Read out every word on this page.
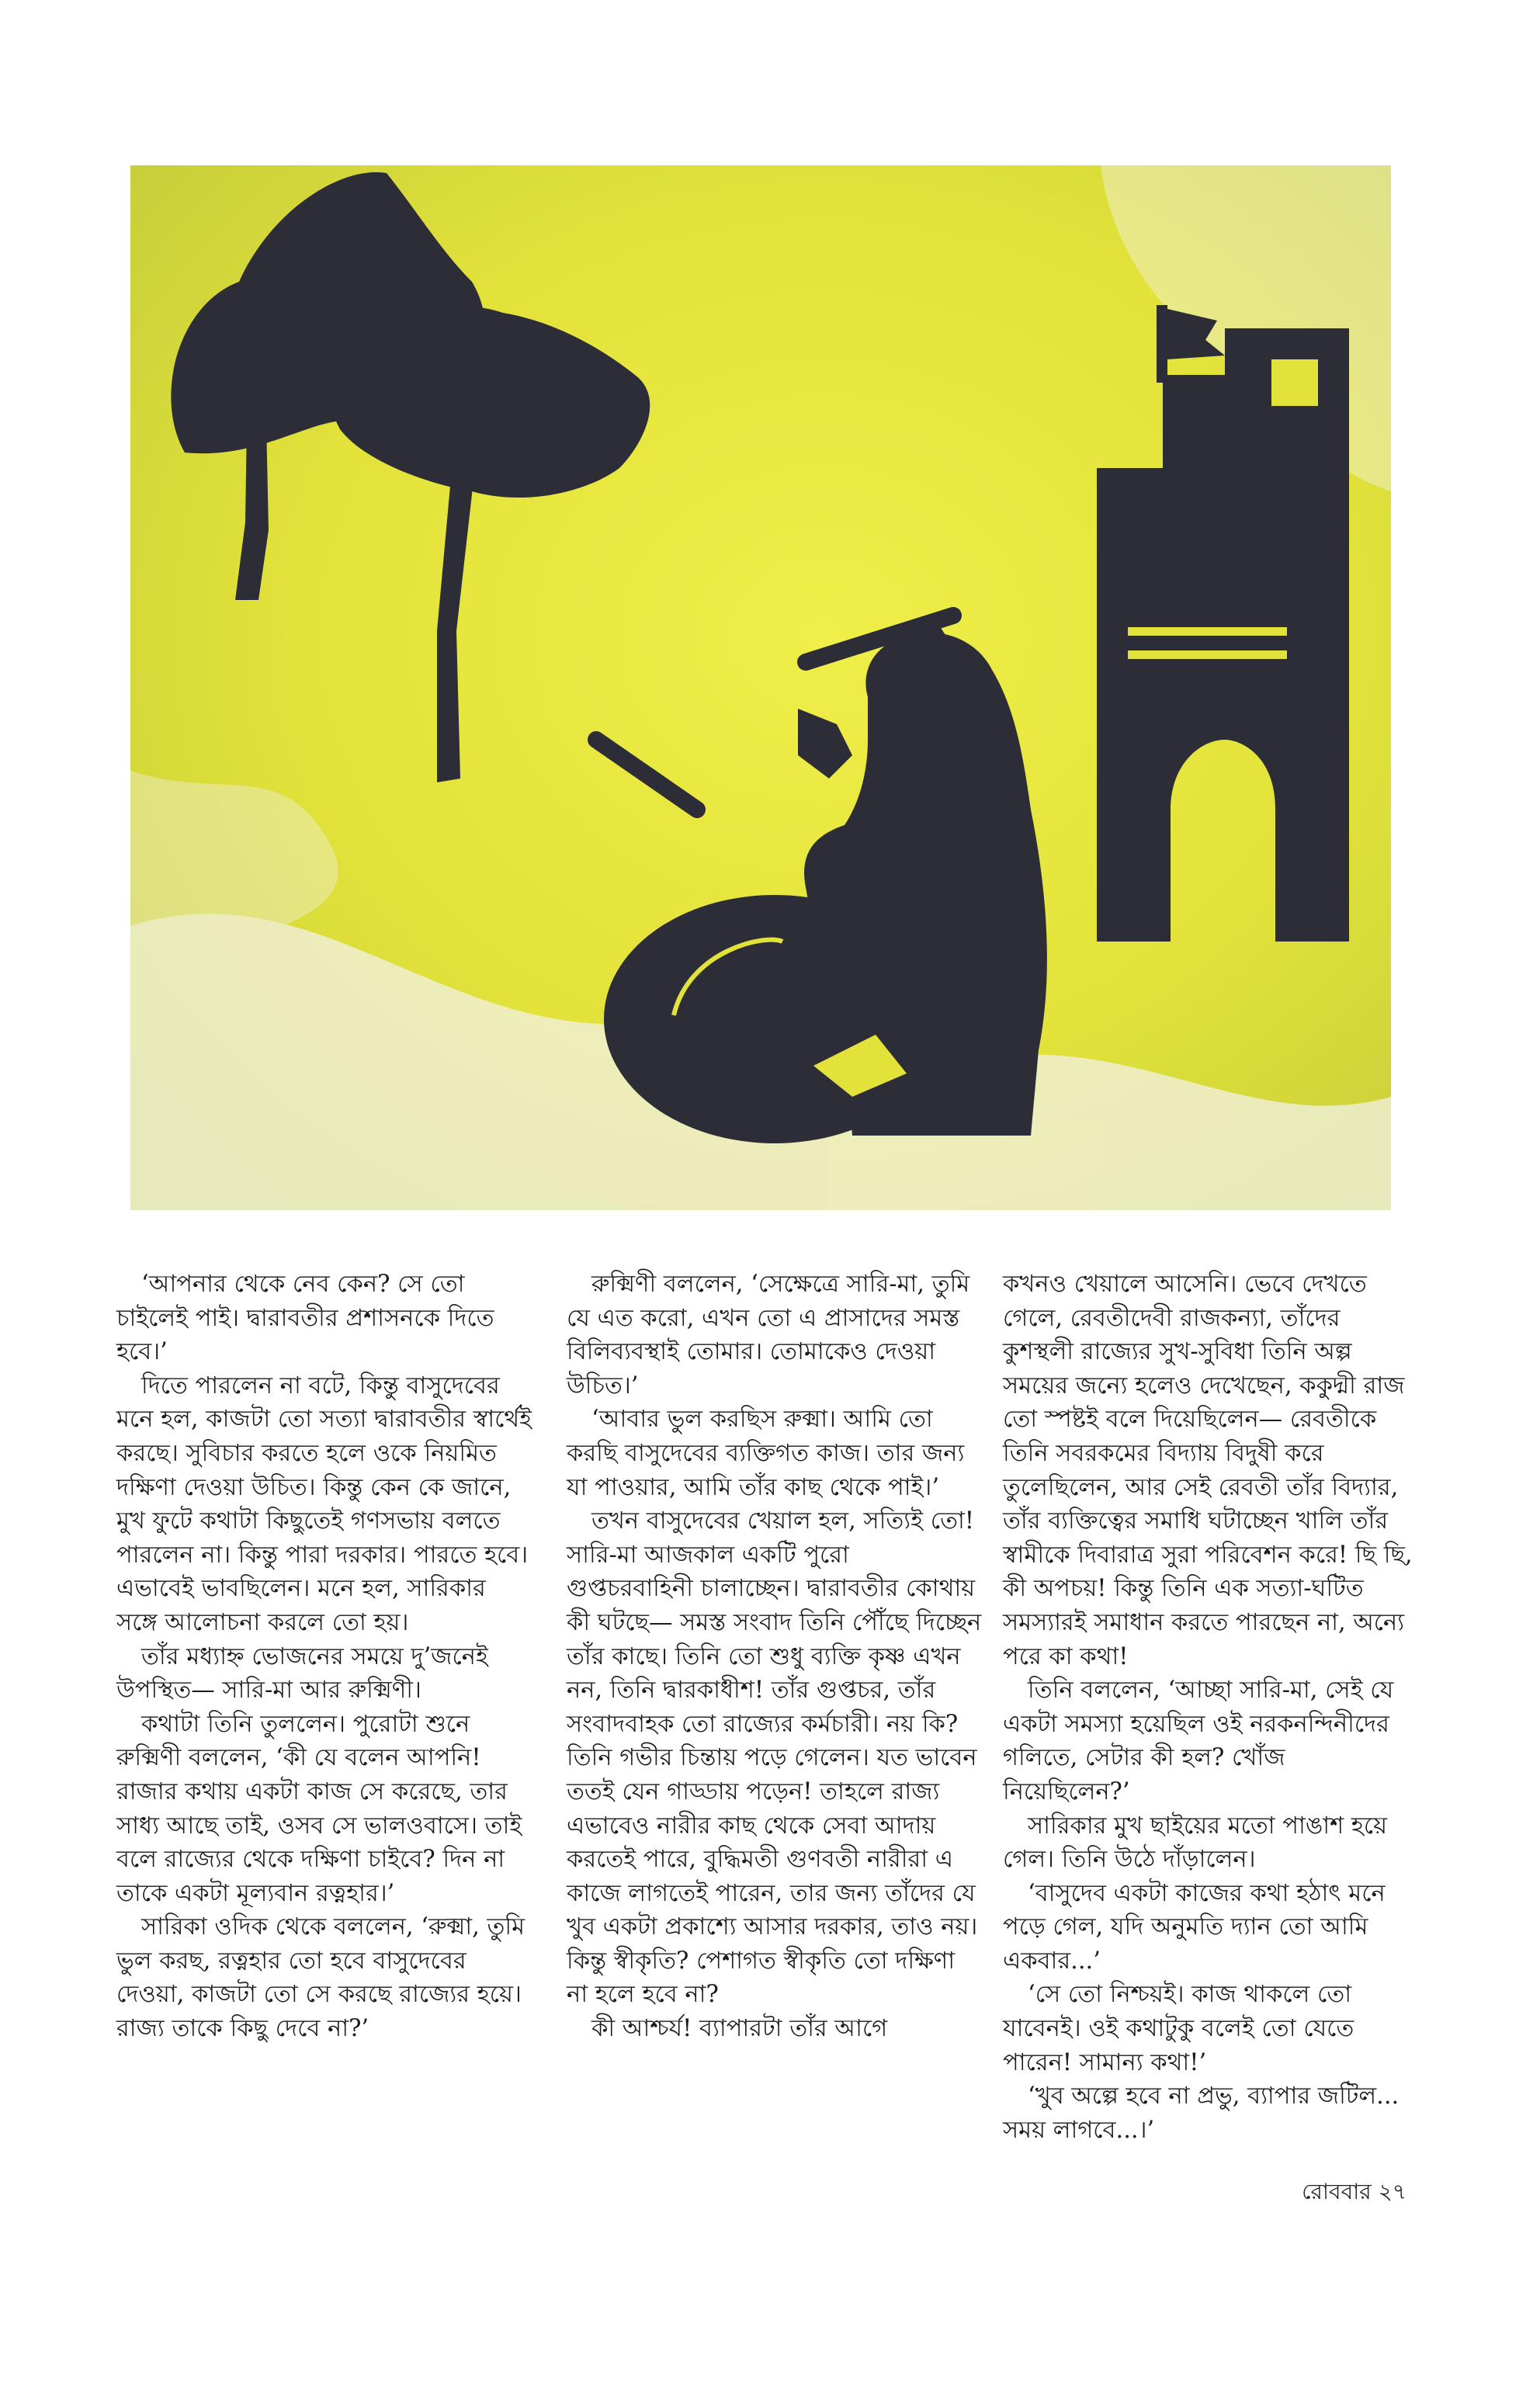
‘আপনার থেকে নেব কেন? সে তো চাইলেই পাই। দ্বারাবতীর প্রশাসনকে দিতে হবে।’

দিতে পারলেন না বটে, কিন্তু বাসুদেবের মনে হল, কাজটা তো সত্যা দ্বারাবতীর স্বার্থেই করছে। সুবিচার করতে হলে ওকে নিয়মিত দক্ষিণা দেওয়া উচিত। কিন্তু কেন কে জানে, মুখ ফুটে কথাটা কিছুতেই গণসভায় বলতে পারলেন না। কিন্তু পারা দরকার। পারতে হবে। এভাবেই ভাবছিলেন। মনে হল, সারিকার সঙ্গে আলোচনা করলে তো হয়।

তাঁর মধ্যাহ্ন ভোজনের সময়ে দু’জনেই উপস্থিত— সারি-মা আর রুক্মিণী।

কথাটা তিনি তুললেন। পুরোটা শুনে রুক্মিণী বললেন, ‘কী যে বলেন আপনি! রাজার কথায় একটা কাজ সে করেছে, তার সাধ্য আছে তাই, ওসব সে ভালওবাসে। তাই বলে রাজ্যের থেকে দক্ষিণা চাইবে? দিন না তাকে একটা মূল্যবান রত্নহার।’

সারিকা ওদিক থেকে বললেন, ‘রুক্মা, তুমি ভুল করছ, রত্নহার তো হবে বাসুদেবের দেওয়া, কাজটা তো সে করছে রাজ্যের হয়ে। রাজ্য তাকে কিছু দেবে না?’

রুক্মিণী বললেন, ‘সেক্ষেত্রে সারি-মা, তুমি যে এত করো, এখন তো এ প্রাসাদের সমস্ত বিলিব্যবস্থাই তোমার। তোমাকেও দেওয়া উচিত।’

‘আবার ভুল করছিস রুক্মা। আমি তো করছি বাসুদেবের ব্যক্তিগত কাজ। তার জন্য যা পাওয়ার, আমি তাঁর কাছ থেকে পাই।’

তখন বাসুদেবের খেয়াল হল, সত্যিই তো! সারি-মা আজকাল একটি পুরো গুপ্তচরবাহিনী চালাচ্ছেন। দ্বারাবতীর কোথায় কী ঘটছে— সমস্ত সংবাদ তিনি পৌঁছে দিচ্ছেন তাঁর কাছে। তিনি তো শুধু ব্যক্তি কৃষ্ণ এখন নন, তিনি দ্বারকাধীশ! তাঁর গুপ্তচর, তাঁর সংবাদবাহক তো রাজ্যের কর্মচারী। নয় কি? তিনি গভীর চিন্তায় পড়ে গেলেন। যত ভাবেন ততই যেন গাড্ডায় পড়েন! তাহলে রাজ্য এভাবেও নারীর কাছ থেকে সেবা আদায় করতেই পারে, বুদ্ধিমতী গুণবতী নারীরা এ কাজে লাগতেই পারেন, তার জন্য তাঁদের যে খুব একটা প্রকাশ্যে আসার দরকার, তাও নয়। কিন্তু স্বীকৃতি? পেশাগত স্বীকৃতি তো দক্ষিণা না হলে হবে না?

কী আশ্চর্য! ব্যাপারটা তাঁর আগে

কখনও খেয়ালে আসেনি। ভেবে দেখতে গেলে, রেবতীদেবী রাজকন্যা, তাঁদের কুশস্থলী রাজ্যের সুখ-সুবিধা তিনি অল্প সময়ের জন্যে হলেও দেখেছেন, ককুদ্মী রাজ তো স্পষ্টই বলে দিয়েছিলেন— রেবতীকে তিনি সবরকমের বিদ্যায় বিদুষী করে তুলেছিলেন, আর সেই রেবতী তাঁর বিদ্যার, তাঁর ব্যক্তিত্বের সমাধি ঘটাচ্ছেন খালি তাঁর স্বামীকে দিবারাত্র সুরা পরিবেশন করে! ছি ছি, কী অপচয়! কিন্তু তিনি এক সত্যা-ঘটিত সমস্যারই সমাধান করতে পারছেন না, অন্যে পরে কা কথা!

তিনি বললেন, ‘আচ্ছা সারি-মা, সেই যে একটা সমস্যা হয়েছিল ওই নরকনন্দিনীদের গলিতে, সেটার কী হল? খোঁজ নিয়েছিলেন?’

সারিকার মুখ ছাইয়ের মতো পাঙাশ হয়ে গেল। তিনি উঠে দাঁড়ালেন।

‘বাসুদেব একটা কাজের কথা হঠাৎ মনে পড়ে গেল, যদি অনুমতি দ্যান তো আমি একবার...’

‘সে তো নিশ্চয়ই। কাজ থাকলে তো যাবেনই। ওই কথাটুকু বলেই তো যেতে পারেন! সামান্য কথা!’

‘খুব অল্পে হবে না প্রভু, ব্যাপার জটিল... সময় লাগবে...।’

রোববার ২৭
